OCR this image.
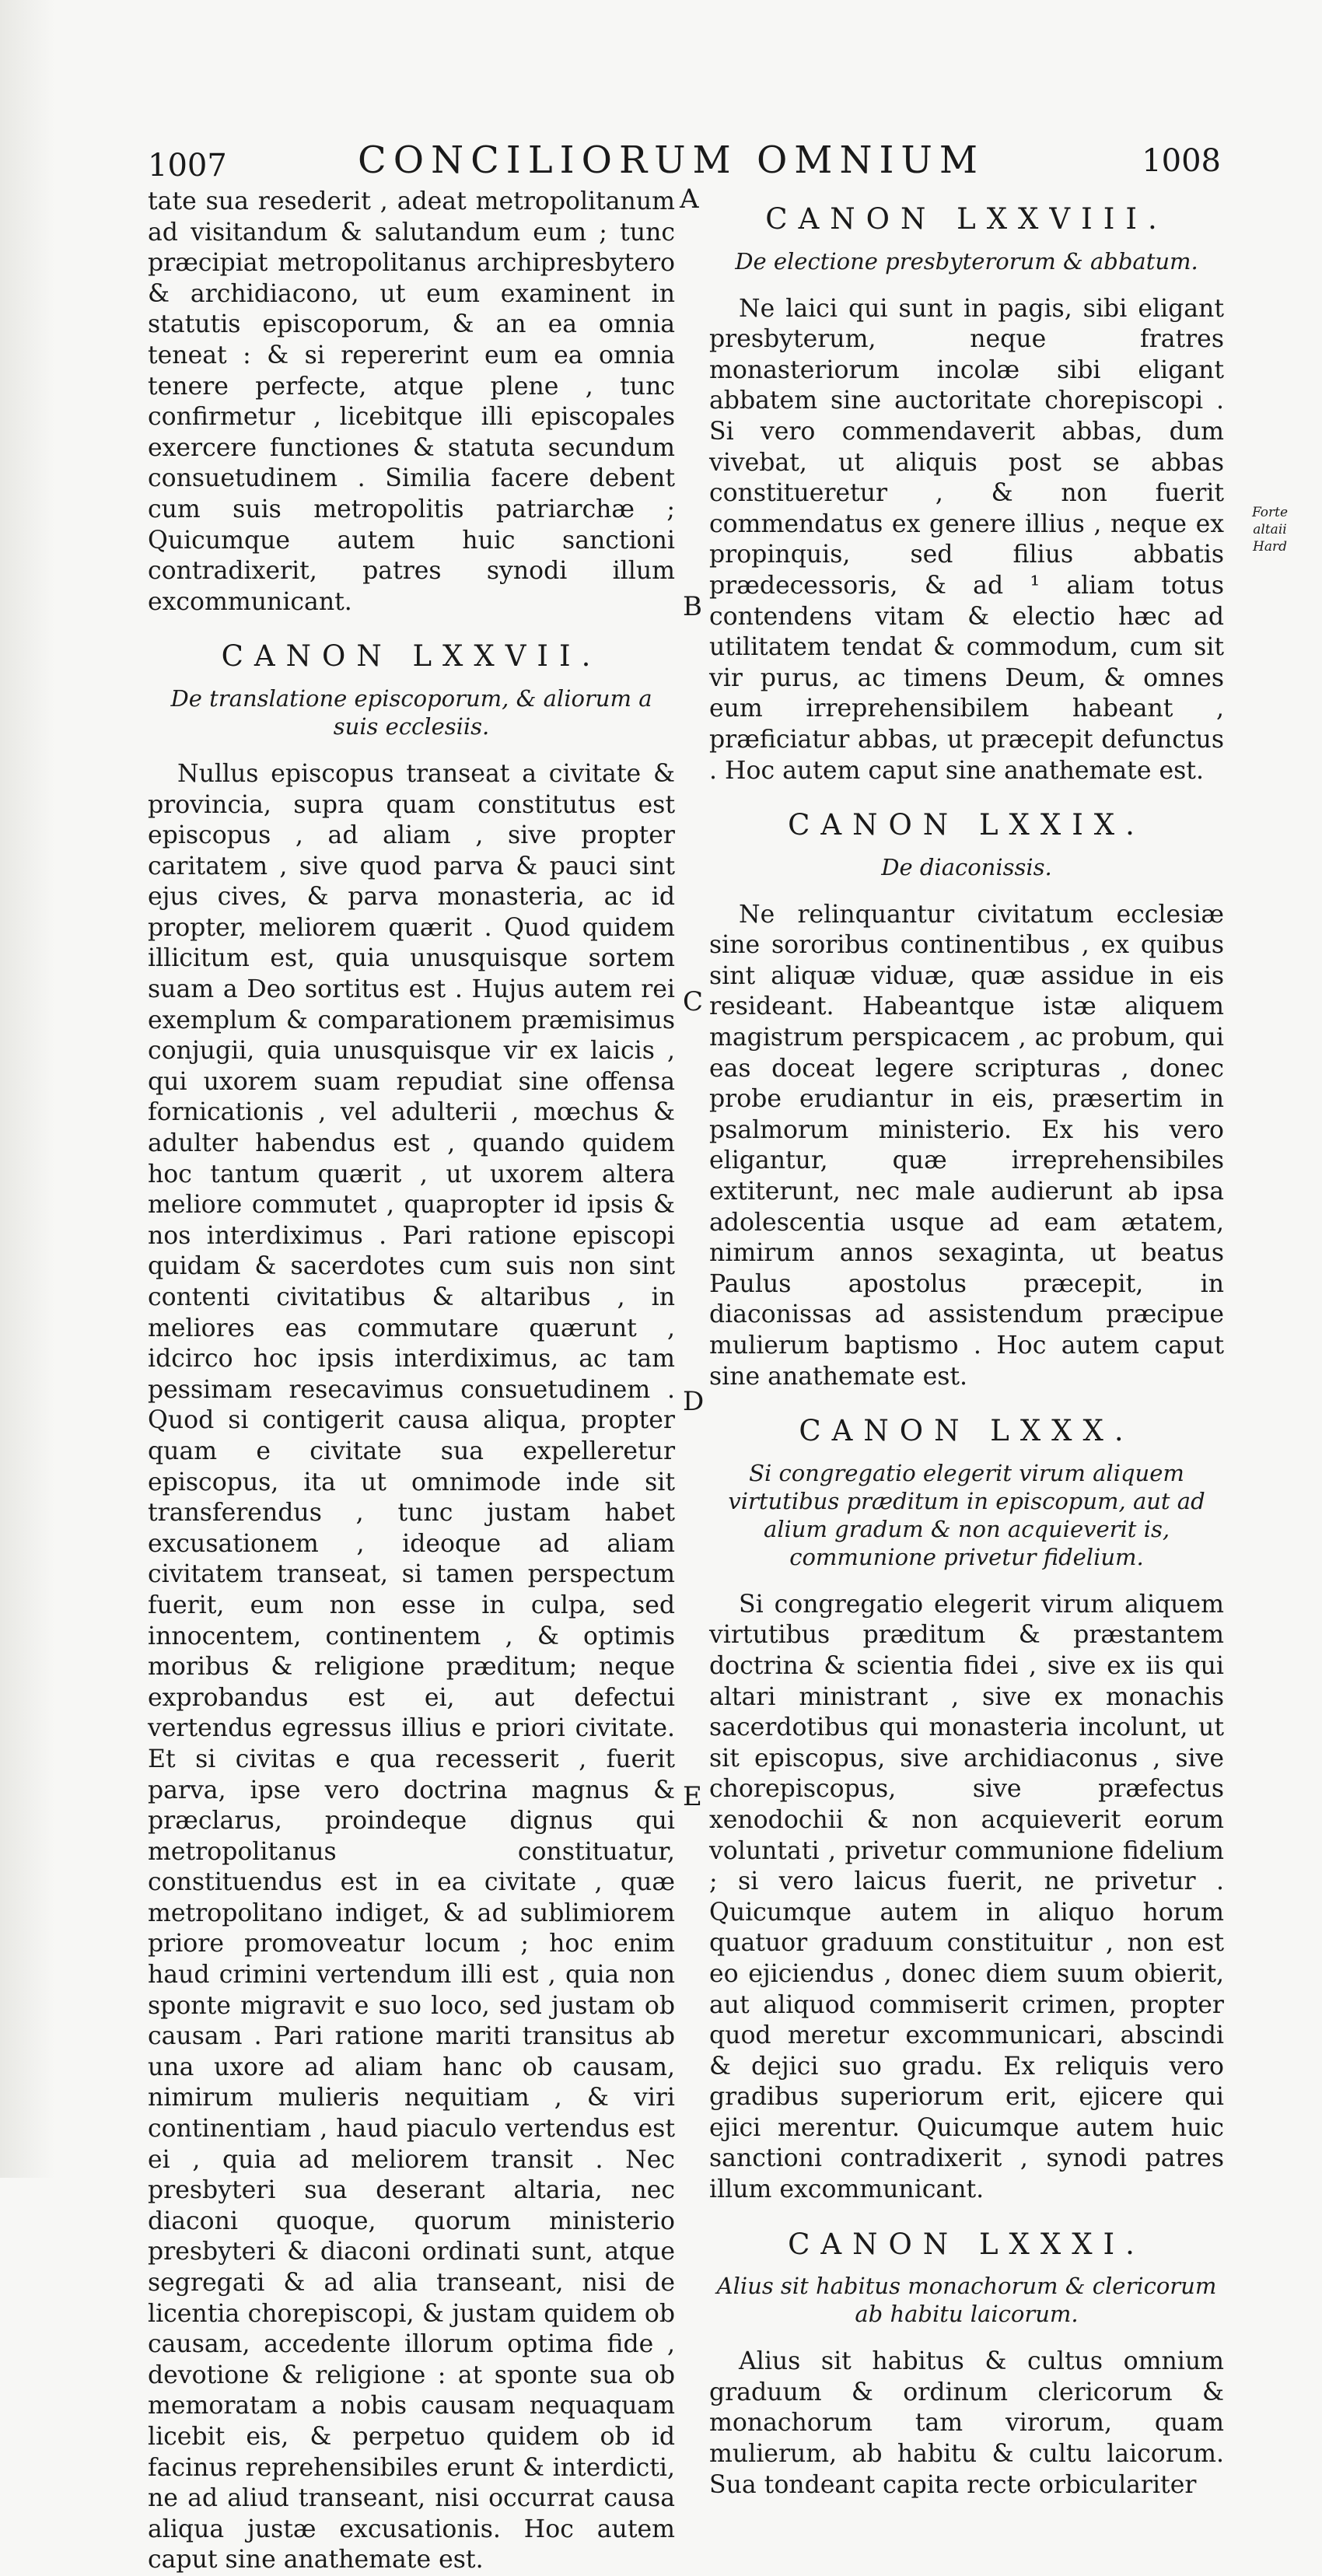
1007	CONCILIORUM OMNIUM	1008

tate sua resederit , adeat metropolitanum ad visitandum & salutandum eum ; tunc præcipiat metropolitanus archipresbytero & archidiacono, ut eum examinent in statutis episcoporum, & an ea omnia teneat : & si repererint eum ea omnia tenere perfecte, atque plene , tunc confirmetur , licebitque illi episcopales exercere functiones & statuta secundum consuetudinem . Similia facere debent cum suis metropolitis patriarchæ ; Quicumque autem huic sanctioni contradixerit, patres synodi illum excommunicant.

CANON LXXVII.
De translatione episcoporum, & aliorum a suis ecclesiis.

Nullus episcopus transeat a civitate & provincia, supra quam constitutus est episcopus , ad aliam , sive propter caritatem , sive quod parva & pauci sint ejus cives, & parva monasteria, ac id propter, meliorem quærit . Quod quidem illicitum est, quia unusquisque sortem suam a Deo sortitus est . Hujus autem rei exemplum & comparationem præmisimus conjugii, quia unusquisque vir ex laicis , qui uxorem suam repudiat sine offensa fornicationis , vel adulterii , mœchus & adulter habendus est , quando quidem hoc tantum quærit , ut uxorem altera meliore commutet , quapropter id ipsis & nos interdiximus . Pari ratione episcopi quidam & sacerdotes cum suis non sint contenti civitatibus & altaribus , in meliores eas commutare quærunt , idcirco hoc ipsis interdiximus, ac tam pessimam resecavimus consuetudinem . Quod si contigerit causa aliqua, propter quam e civitate sua expelleretur episcopus, ita ut omnimode inde sit transferendus , tunc justam habet excusationem , ideoque ad aliam civitatem transeat, si tamen perspectum fuerit, eum non esse in culpa, sed innocentem, continentem , & optimis moribus & religione præditum; neque exprobandus est ei, aut defectui vertendus egressus illius e priori civitate. Et si civitas e qua recesserit , fuerit parva, ipse vero doctrina magnus & præclarus, proindeque dignus qui metropolitanus constituatur, constituendus est in ea civitate , quæ metropolitano indiget, & ad sublimiorem priore promoveatur locum ; hoc enim haud crimini vertendum illi est , quia non sponte migravit e suo loco, sed justam ob causam . Pari ratione mariti transitus ab una uxore ad aliam hanc ob causam, nimirum mulieris nequitiam , & viri continentiam , haud piaculo vertendus est ei , quia ad meliorem transit . Nec presbyteri sua deserant altaria, nec diaconi quoque, quorum ministerio presbyteri & diaconi ordinati sunt, atque segregati & ad alia transeant, nisi de licentia chorepiscopi, & justam quidem ob causam, accedente illorum optima fide , devotione & religione : at sponte sua ob memoratam a nobis causam nequaquam licebit eis, & perpetuo quidem ob id facinus reprehensibiles erunt & interdicti, ne ad aliud transeant, nisi occurrat causa aliqua justæ excusationis. Hoc autem caput sine anathemate est.

CANON LXXVIII.
De electione presbyterorum & abbatum.

Ne laici qui sunt in pagis, sibi eligant presbyterum, neque fratres monasteriorum incolæ sibi eligant abbatem sine auctoritate chorepiscopi . Si vero commendaverit abbas, dum vivebat, ut aliquis post se abbas constitueretur , & non fuerit commendatus ex genere illius , neque ex propinquis, sed filius abbatis prædecessoris, & ad ¹ aliam totus contendens vitam & electio hæc ad utilitatem tendat & commodum, cum sit vir purus, ac timens Deum, & omnes eum irreprehensibilem habeant , præficiatur abbas, ut præcepit defunctus . Hoc autem caput sine anathemate est.

CANON LXXIX.
De diaconissis.

Ne relinquantur civitatum ecclesiæ sine sororibus continentibus , ex quibus sint aliquæ viduæ, quæ assidue in eis resideant. Habeantque istæ aliquem magistrum perspicacem , ac probum, qui eas doceat legere scripturas , donec probe erudiantur in eis, præsertim in psalmorum ministerio. Ex his vero eligantur, quæ irreprehensibiles extiterunt, nec male audierunt ab ipsa adolescentia usque ad eam ætatem, nimirum annos sexaginta, ut beatus Paulus apostolus præcepit, in diaconissas ad assistendum præcipue mulierum baptismo . Hoc autem caput sine anathemate est.

CANON LXXX.
Si congregatio elegerit virum aliquem virtutibus præditum in episcopum, aut ad alium gradum & non acquieverit is, communione privetur fidelium.

Si congregatio elegerit virum aliquem virtutibus præditum & præstantem doctrina & scientia fidei , sive ex iis qui altari ministrant , sive ex monachis sacerdotibus qui monasteria incolunt, ut sit episcopus, sive archidiaconus , sive chorepiscopus, sive præfectus xenodochii & non acquieverit eorum voluntati , privetur communione fidelium ; si vero laicus fuerit, ne privetur . Quicumque autem in aliquo horum quatuor graduum constituitur , non est eo ejiciendus , donec diem suum obierit, aut aliquod commiserit crimen, propter quod meretur excommunicari, abscindi & dejici suo gradu. Ex reliquis vero gradibus superiorum erit, ejicere qui ejici merentur. Quicumque autem huic sanctioni contradixerit , synodi patres illum excommunicant.

CANON LXXXI.
Alius sit habitus monachorum & clericorum ab habitu laicorum.

Alius sit habitus & cultus omnium graduum & ordinum clericorum & monachorum tam virorum, quam mulierum, ab habitu & cultu laicorum. Sua tondeant capita recte orbiculariter

A
B
C
D
E
Forte altaii Hard
